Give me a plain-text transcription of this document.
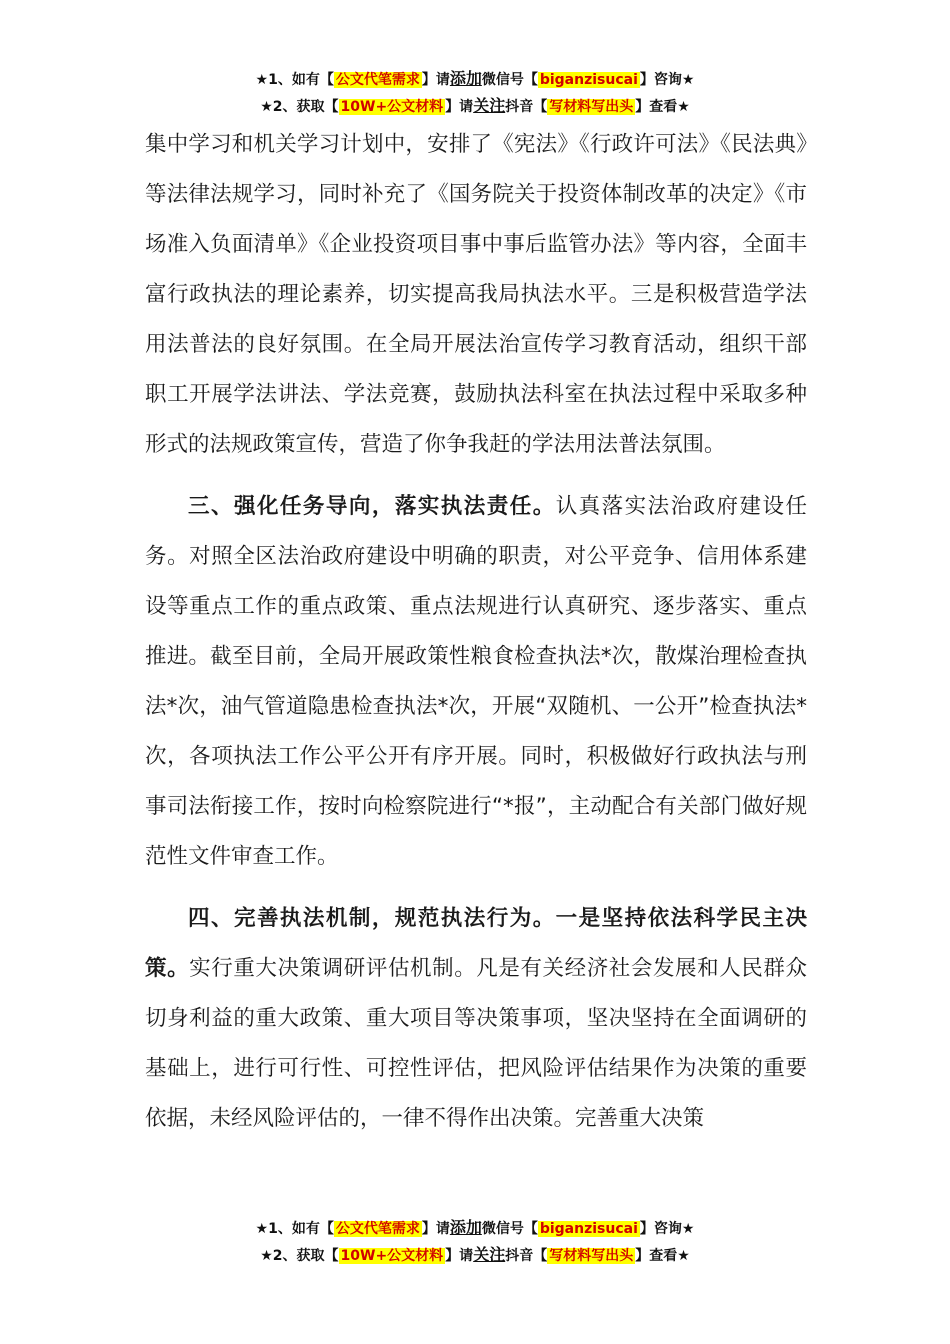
★1、如有【 公文代笔需求 】请添加微信号【 biganzisucai 】咨询★
★2、获取【 10W+公文材料 】请关注抖音【 写材料写出头 】查看★

集中学习和机关学习计划中，安排了《宪法》《行政许可法》《民法典》等法律法规学习，同时补充了《国务院关于投资体制改革的决定》《市场准入负面清单》《企业投资项目事中事后监管办法》等内容，全面丰富行政执法的理论素养，切实提高我局执法水平。三是积极营造学法用法普法的良好氛围。在全局开展法治宣传学习教育活动，组织干部职工开展学法讲法、学法竞赛，鼓励执法科室在执法过程中采取多种形式的法规政策宣传，营造了你争我赶的学法用法普法氛围。

三、强化任务导向，落实执法责任。认真落实法治政府建设任务。对照全区法治政府建设中明确的职责，对公平竞争、信用体系建设等重点工作的重点政策、重点法规进行认真研究、逐步落实、重点推进。截至目前，全局开展政策性粮食检查执法*次，散煤治理检查执法*次，油气管道隐患检查执法*次，开展“双随机、一公开”检查执法*次，各项执法工作公平公开有序开展。同时，积极做好行政执法与刑事司法衔接工作，按时向检察院进行“*报”，主动配合有关部门做好规范性文件审查工作。

四、完善执法机制，规范执法行为。一是坚持依法科学民主决策。实行重大决策调研评估机制。凡是有关经济社会发展和人民群众切身利益的重大政策、重大项目等决策事项，坚决坚持在全面调研的基础上，进行可行性、可控性评估，把风险评估结果作为决策的重要依据，未经风险评估的，一律不得作出决策。完善重大决策

★1、如有【 公文代笔需求 】请添加微信号【 biganzisucai 】咨询★
★2、获取【 10W+公文材料 】请关注抖音【 写材料写出头 】查看★
